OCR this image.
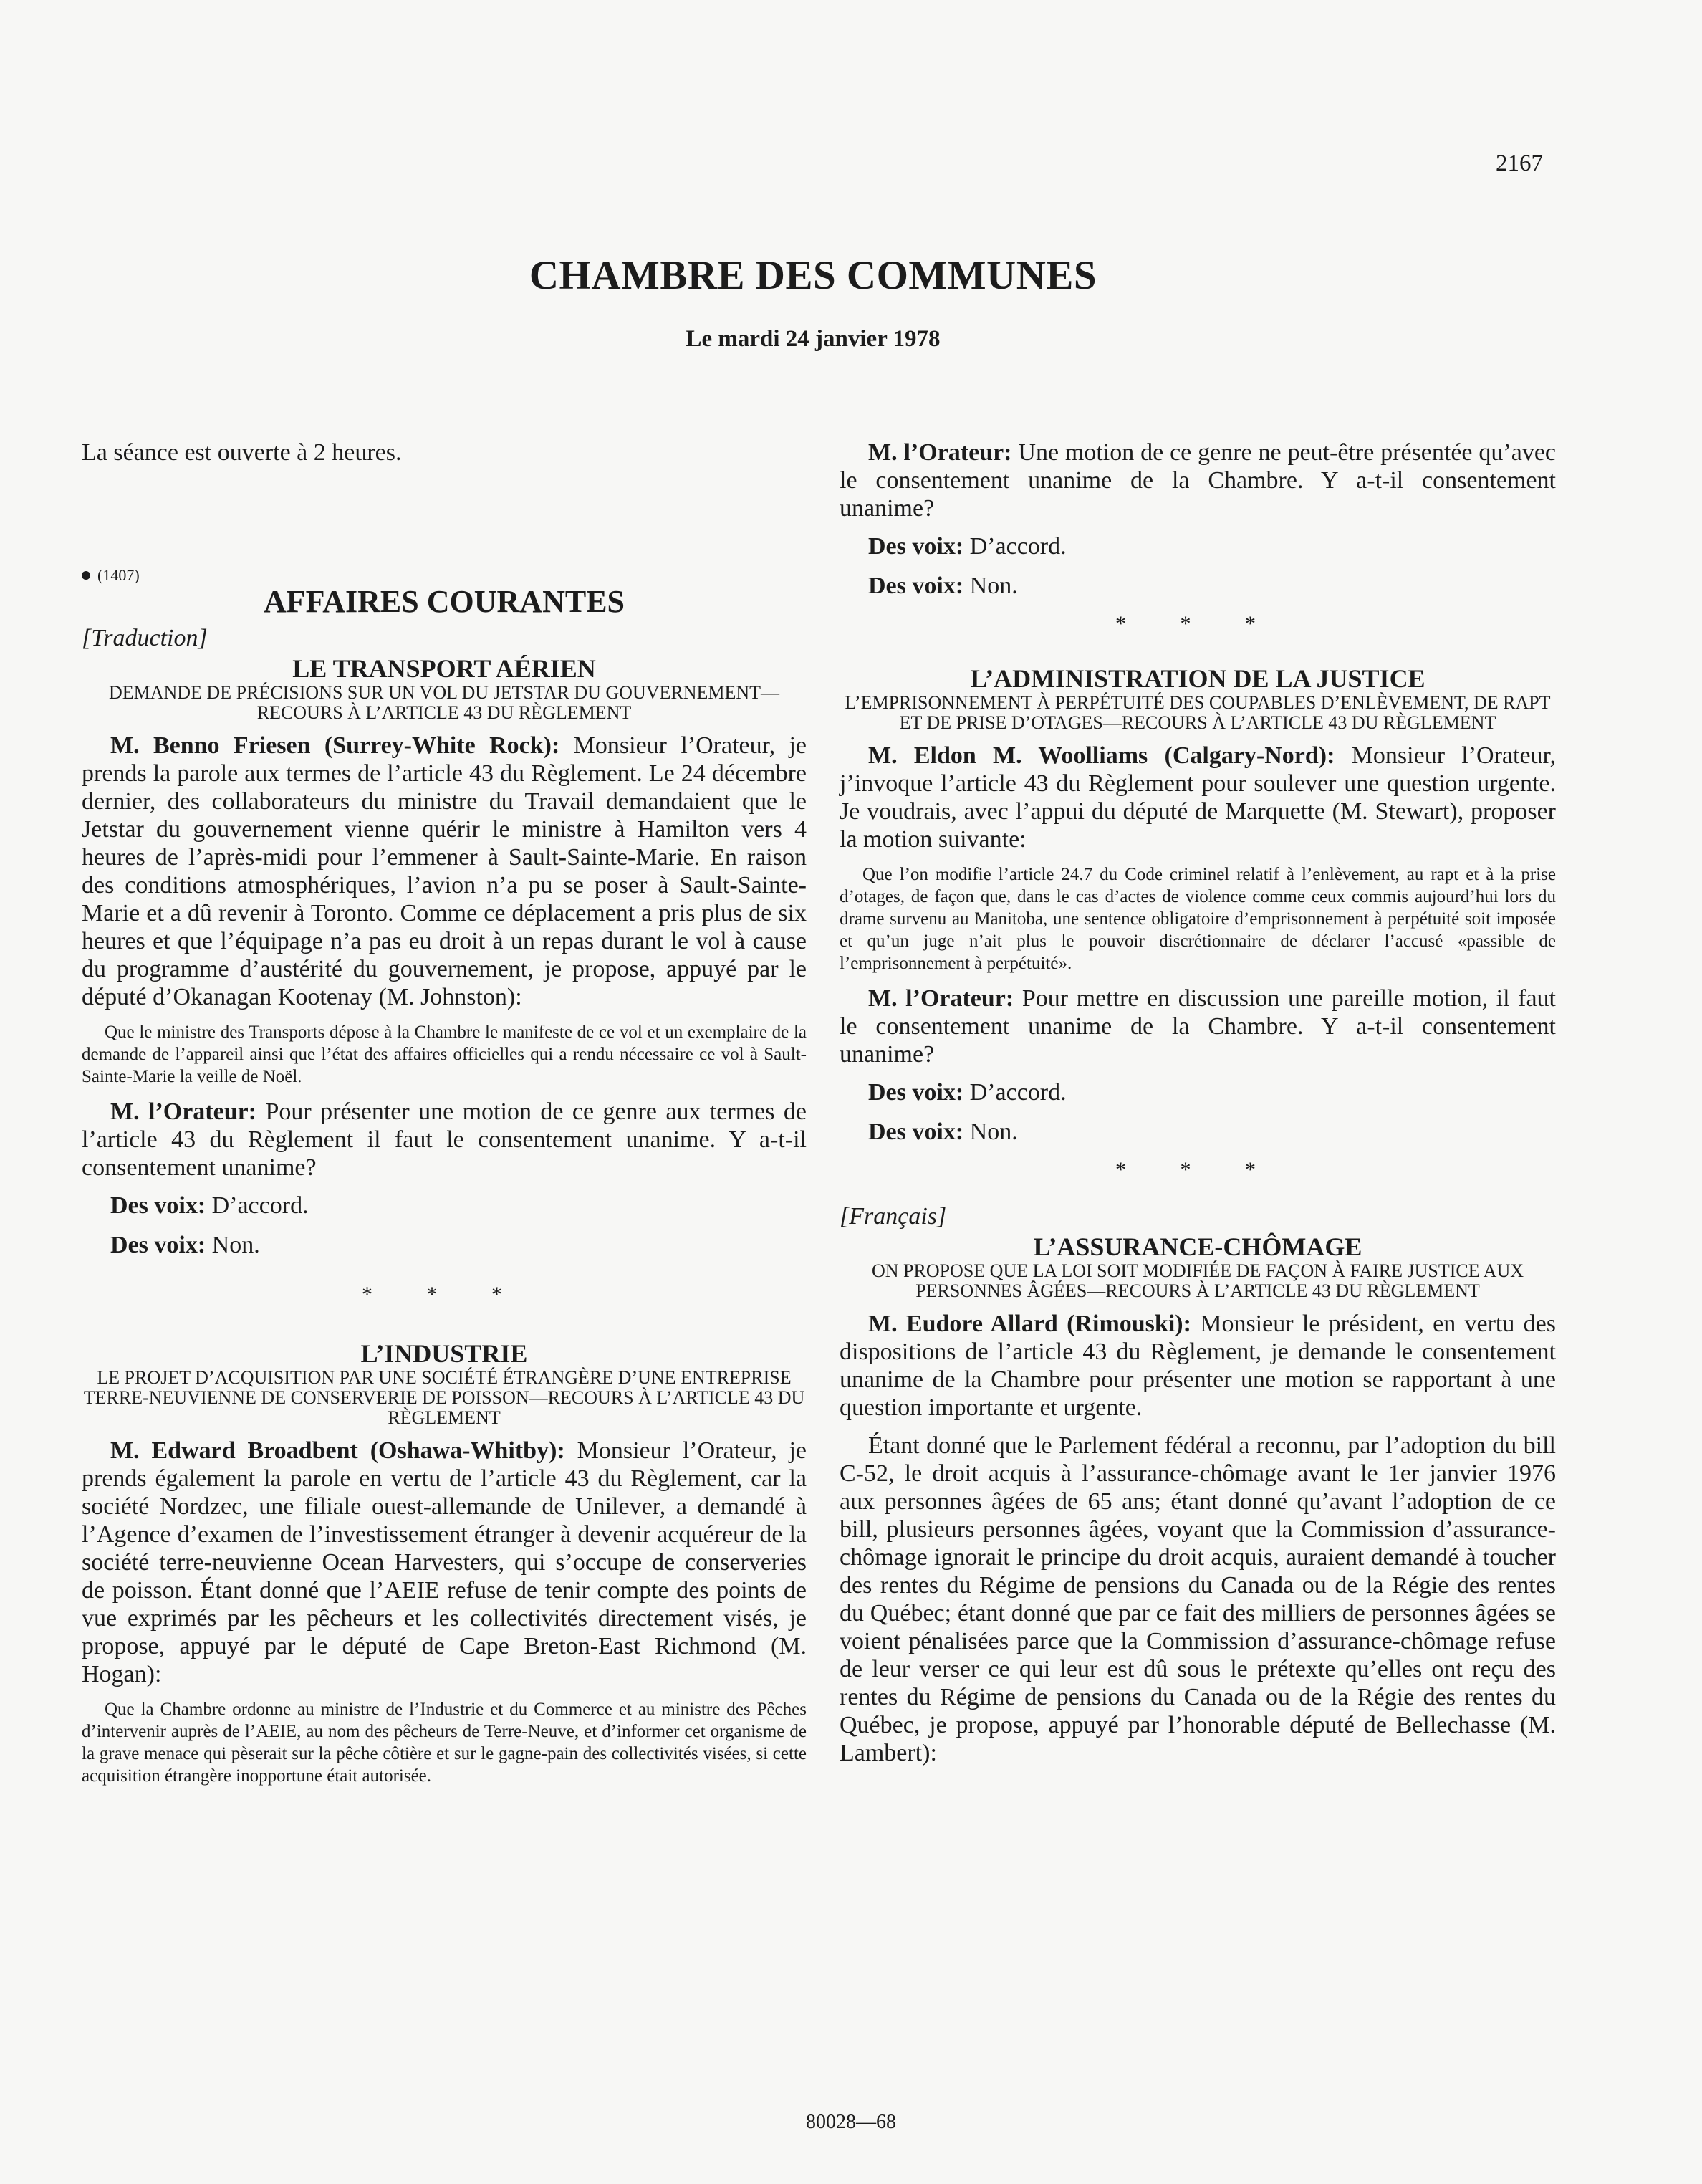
2167
CHAMBRE DES COMMUNES
Le mardi 24 janvier 1978

La séance est ouverte à 2 heures.

(1407)

AFFAIRES COURANTES

[Traduction]

LE TRANSPORT AÉRIEN

DEMANDE DE PRÉCISIONS SUR UN VOL DU JETSTAR DU GOUVERNEMENT—RECOURS À L’ARTICLE 43 DU RÈGLEMENT

M. Benno Friesen (Surrey-White Rock): Monsieur l’Orateur, je prends la parole aux termes de l’article 43 du Règlement. Le 24 décembre dernier, des collaborateurs du ministre du Travail demandaient que le Jetstar du gouvernement vienne quérir le ministre à Hamilton vers 4 heures de l’après-midi pour l’emmener à Sault-Sainte-Marie. En raison des conditions atmosphériques, l’avion n’a pu se poser à Sault-Sainte-Marie et a dû revenir à Toronto. Comme ce déplacement a pris plus de six heures et que l’équipage n’a pas eu droit à un repas durant le vol à cause du programme d’austérité du gouvernement, je propose, appuyé par le député d’Okanagan Kootenay (M. Johnston):

Que le ministre des Transports dépose à la Chambre le manifeste de ce vol et un exemplaire de la demande de l’appareil ainsi que l’état des affaires officielles qui a rendu nécessaire ce vol à Sault-Sainte-Marie la veille de Noël.

M. l’Orateur: Pour présenter une motion de ce genre aux termes de l’article 43 du Règlement il faut le consentement unanime. Y a-t-il consentement unanime?

Des voix: D’accord.

Des voix: Non.

* * *

L’INDUSTRIE

LE PROJET D’ACQUISITION PAR UNE SOCIÉTÉ ÉTRANGÈRE D’UNE ENTREPRISE TERRE-NEUVIENNE DE CONSERVERIE DE POISSON—RECOURS À L’ARTICLE 43 DU RÈGLEMENT

M. Edward Broadbent (Oshawa-Whitby): Monsieur l’Orateur, je prends également la parole en vertu de l’article 43 du Règlement, car la société Nordzec, une filiale ouest-allemande de Unilever, a demandé à l’Agence d’examen de l’investissement étranger à devenir acquéreur de la société terre-neuvienne Ocean Harvesters, qui s’occupe de conserveries de poisson. Étant donné que l’AEIE refuse de tenir compte des points de vue exprimés par les pêcheurs et les collectivités directement visés, je propose, appuyé par le député de Cape Breton-East Richmond (M. Hogan):

Que la Chambre ordonne au ministre de l’Industrie et du Commerce et au ministre des Pêches d’intervenir auprès de l’AEIE, au nom des pêcheurs de Terre-Neuve, et d’informer cet organisme de la grave menace qui pèserait sur la pêche côtière et sur le gagne-pain des collectivités visées, si cette acquisition étrangère inopportune était autorisée.

M. l’Orateur: Une motion de ce genre ne peut-être présentée qu’avec le consentement unanime de la Chambre. Y a-t-il consentement unanime?

Des voix: D’accord.

Des voix: Non.

* * *

L’ADMINISTRATION DE LA JUSTICE

L’EMPRISONNEMENT À PERPÉTUITÉ DES COUPABLES D’ENLÈVEMENT, DE RAPT ET DE PRISE D’OTAGES—RECOURS À L’ARTICLE 43 DU RÈGLEMENT

M. Eldon M. Woolliams (Calgary-Nord): Monsieur l’Orateur, j’invoque l’article 43 du Règlement pour soulever une question urgente. Je voudrais, avec l’appui du député de Marquette (M. Stewart), proposer la motion suivante:

Que l’on modifie l’article 24.7 du Code criminel relatif à l’enlèvement, au rapt et à la prise d’otages, de façon que, dans le cas d’actes de violence comme ceux commis aujourd’hui lors du drame survenu au Manitoba, une sentence obligatoire d’emprisonnement à perpétuité soit imposée et qu’un juge n’ait plus le pouvoir discrétionnaire de déclarer l’accusé «passible de l’emprisonnement à perpétuité».

M. l’Orateur: Pour mettre en discussion une pareille motion, il faut le consentement unanime de la Chambre. Y a-t-il consentement unanime?

Des voix: D’accord.

Des voix: Non.

* * *

[Français]

L’ASSURANCE-CHÔMAGE

ON PROPOSE QUE LA LOI SOIT MODIFIÉE DE FAÇON À FAIRE JUSTICE AUX PERSONNES ÂGÉES—RECOURS À L’ARTICLE 43 DU RÈGLEMENT

M. Eudore Allard (Rimouski): Monsieur le président, en vertu des dispositions de l’article 43 du Règlement, je demande le consentement unanime de la Chambre pour présenter une motion se rapportant à une question importante et urgente.

Étant donné que le Parlement fédéral a reconnu, par l’adoption du bill C-52, le droit acquis à l’assurance-chômage avant le 1er janvier 1976 aux personnes âgées de 65 ans; étant donné qu’avant l’adoption de ce bill, plusieurs personnes âgées, voyant que la Commission d’assurance-chômage ignorait le principe du droit acquis, auraient demandé à toucher des rentes du Régime de pensions du Canada ou de la Régie des rentes du Québec; étant donné que par ce fait des milliers de personnes âgées se voient pénalisées parce que la Commission d’assurance-chômage refuse de leur verser ce qui leur est dû sous le prétexte qu’elles ont reçu des rentes du Régime de pensions du Canada ou de la Régie des rentes du Québec, je propose, appuyé par l’honorable député de Bellechasse (M. Lambert):

80028—68
